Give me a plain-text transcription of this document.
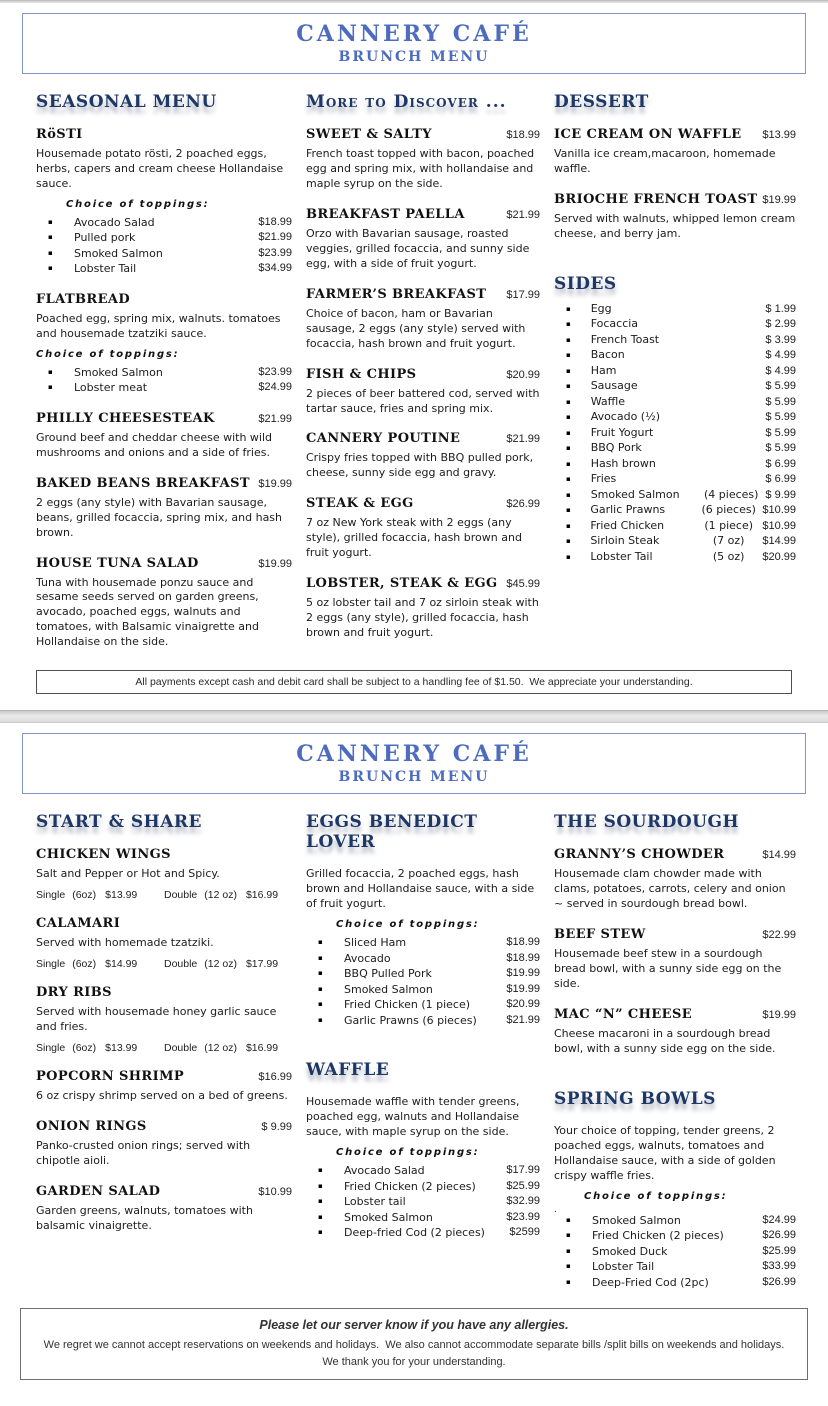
CANNERY CAFÉ
BRUNCH MENU
SEASONAL MENU
RöSTI
Housemade potato rösti, 2 poached eggs, herbs, capers and cream cheese Hollandaise sauce.
Choice of toppings:
▪	Avocado Salad	$18.99
▪	Pulled pork	$21.99
▪	Smoked Salmon	$23.99
▪	Lobster Tail	$34.99
FLATBREAD
Poached egg, spring mix, walnuts. tomatoes and housemade tzatziki sauce.
Choice of toppings:
▪	Smoked Salmon	$23.99
▪	Lobster meat	$24.99
PHILLY CHEESESTEAK	$21.99
Ground beef and cheddar cheese with wild mushrooms and onions and a side of fries.
BAKED BEANS BREAKFAST $19.99
2 eggs (any style) with Bavarian sausage, beans, grilled focaccia, spring mix, and hash brown.
HOUSE TUNA SALAD	$19.99
Tuna with housemade ponzu sauce and sesame seeds served on garden greens, avocado, poached eggs, walnuts and tomatoes, with Balsamic vinaigrette and Hollandaise on the side.
More to Discover ...
SWEET & SALTY	$18.99
French toast topped with bacon, poached egg and spring mix, with hollandaise and maple syrup on the side.
BREAKFAST PAELLA	$21.99
Orzo with Bavarian sausage, roasted veggies, grilled focaccia, and sunny side egg, with a side of fruit yogurt.
FARMER’S BREAKFAST $17.99
Choice of bacon, ham or Bavarian sausage, 2 eggs (any style) served with focaccia, hash brown and fruit yogurt.
FISH & CHIPS	$20.99
2 pieces of beer battered cod, served with tartar sauce, fries and spring mix.
CANNERY POUTINE	$21.99
Crispy fries topped with BBQ pulled pork, cheese, sunny side egg and gravy.
STEAK & EGG	$26.99
7 oz New York steak with 2 eggs (any style), grilled focaccia, hash brown and fruit yogurt.
LOBSTER, STEAK & EGG $45.99
5 oz lobster tail and 7 oz sirloin steak with 2 eggs (any style), grilled focaccia, hash brown and fruit yogurt.
DESSERT
ICE CREAM ON WAFFLE $13.99
Vanilla ice cream,macaroon, homemade waffle.
BRIOCHE FRENCH TOAST $19.99
Served with walnuts, whipped lemon cream cheese, and berry jam.
SIDES
▪	Egg	$ 1.99
▪	Focaccia	$ 2.99
▪	French Toast	$ 3.99
▪	Bacon	$ 4.99
▪	Ham	$ 4.99
▪	Sausage	$ 5.99
▪	Waffle	$ 5.99
▪	Avocado (½)	$ 5.99
▪	Fruit Yogurt	$ 5.99
▪	BBQ Pork	$ 5.99
▪	Hash brown	$ 6.99
▪	Fries	$ 6.99
▪	Smoked Salmon	(4 pieces) $ 9.99
▪	Garlic Prawns	(6 pieces) $10.99
▪	Fried Chicken	(1 piece) $10.99
▪	Sirloin Steak	(7 oz)	$14.99
▪	Lobster Tail	(5 oz)	$20.99
All payments except cash and debit card shall be subject to a handling fee of $1.50.  We appreciate your understanding.
CANNERY CAFÉ
BRUNCH MENU
START & SHARE
CHICKEN WINGS
Salt and Pepper or Hot and Spicy.
Single (6oz) $13.99	Double (12 oz) $16.99
CALAMARI
Served with homemade tzatziki.
Single (6oz) $14.99	Double (12 oz) $17.99
DRY RIBS
Served with housemade honey garlic sauce and fries.
Single (6oz) $13.99	Double (12 oz) $16.99
POPCORN SHRIMP	$16.99
6 oz crispy shrimp served on a bed of greens.
ONION RINGS	$ 9.99
Panko-crusted onion rings; served with chipotle aioli.
GARDEN SALAD	$10.99
Garden greens, walnuts, tomatoes with balsamic vinaigrette.
EGGS BENEDICT LOVER
Grilled focaccia, 2 poached eggs, hash brown and Hollandaise sauce, with a side of fruit yogurt.
Choice of toppings:
▪	Sliced Ham	$18.99
▪	Avocado	$18.99
▪	BBQ Pulled Pork	$19.99
▪	Smoked Salmon	$19.99
▪	Fried Chicken (1 piece)	$20.99
▪	Garlic Prawns (6 pieces)	$21.99
WAFFLE
Housemade waffle with tender greens, poached egg, walnuts and Hollandaise sauce, with maple syrup on the side.
Choice of toppings:
▪	Avocado Salad	$17.99
▪	Fried Chicken (2 pieces)	$25.99
▪	Lobster tail	$32.99
▪	Smoked Salmon	$23.99
▪	Deep-fried Cod (2 pieces)	$2599
THE SOURDOUGH
GRANNY’S CHOWDER	$14.99
Housemade clam chowder made with clams, potatoes, carrots, celery and onion ~ served in sourdough bread bowl.
BEEF STEW	$22.99
Housemade beef stew in a sourdough bread bowl, with a sunny side egg on the side.
MAC “N” CHEESE	$19.99
Cheese macaroni in a sourdough bread bowl, with a sunny side egg on the side.
SPRING BOWLS
Your choice of topping, tender greens, 2 poached eggs, walnuts, tomatoes and Hollandaise sauce, with a side of golden crispy waffle fries.
Choice of toppings:
.
▪	Smoked Salmon	$24.99
▪	Fried Chicken (2 pieces)	$26.99
▪	Smoked Duck	$25.99
▪	Lobster Tail	$33.99
▪	Deep-Fried Cod (2pc)	$26.99
Please let our server know if you have any allergies.
We regret we cannot accept reservations on weekends and holidays.  We also cannot accommodate separate bills /split bills on weekends and holidays.
We thank you for your understanding.
